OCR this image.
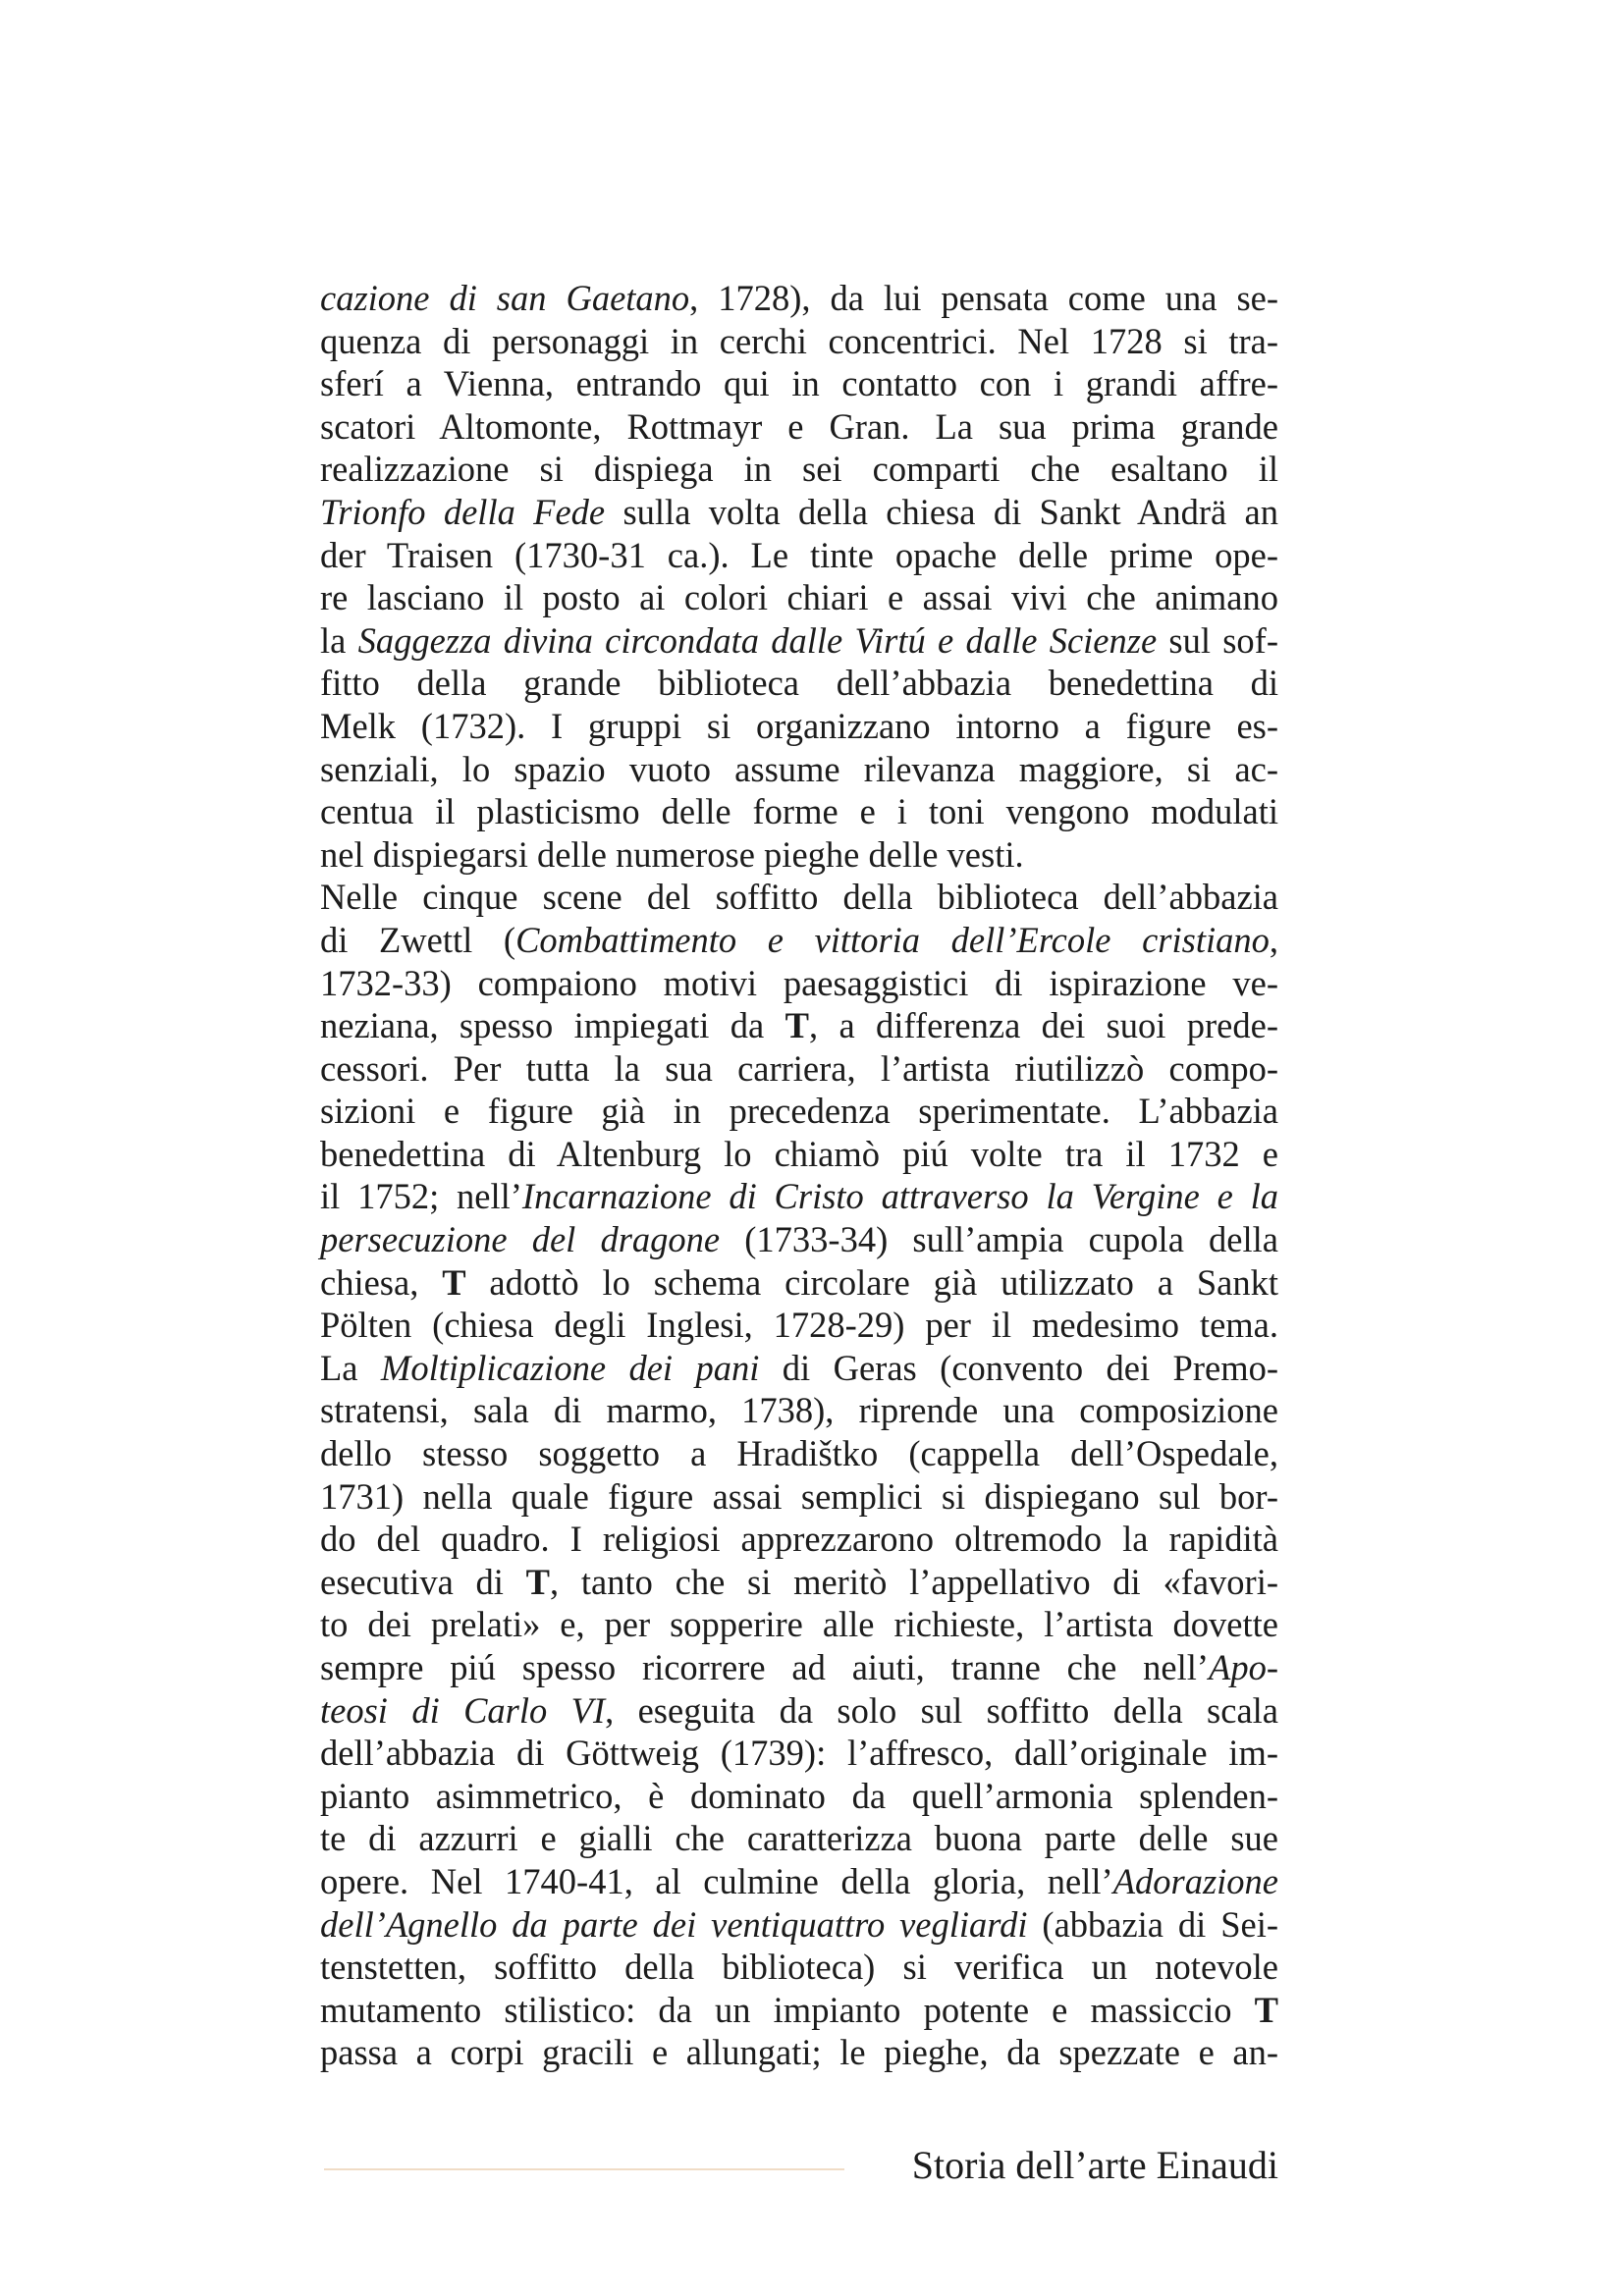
cazione di san Gaetano, 1728), da lui pensata come una se-
quenza di personaggi in cerchi concentrici. Nel 1728 si tra-
sferí a Vienna, entrando qui in contatto con i grandi affre-
scatori Altomonte, Rottmayr e Gran. La sua prima grande
realizzazione si dispiega in sei comparti che esaltano il
Trionfo della Fede sulla volta della chiesa di Sankt Andrä an
der Traisen (1730-31 ca.). Le tinte opache delle prime ope-
re lasciano il posto ai colori chiari e assai vivi che animano
la Saggezza divina circondata dalle Virtú e dalle Scienze sul sof-
fitto della grande biblioteca dell’abbazia benedettina di
Melk (1732). I gruppi si organizzano intorno a figure es-
senziali, lo spazio vuoto assume rilevanza maggiore, si ac-
centua il plasticismo delle forme e i toni vengono modulati
nel dispiegarsi delle numerose pieghe delle vesti.
Nelle cinque scene del soffitto della biblioteca dell’abbazia
di Zwettl (Combattimento e vittoria dell’Ercole cristiano,
1732-33) compaiono motivi paesaggistici di ispirazione ve-
neziana, spesso impiegati da T, a differenza dei suoi prede-
cessori. Per tutta la sua carriera, l’artista riutilizzò compo-
sizioni e figure già in precedenza sperimentate. L’abbazia
benedettina di Altenburg lo chiamò piú volte tra il 1732 e
il 1752; nell’Incarnazione di Cristo attraverso la Vergine e la
persecuzione del dragone (1733-34) sull’ampia cupola della
chiesa, T adottò lo schema circolare già utilizzato a Sankt
Pölten (chiesa degli Inglesi, 1728-29) per il medesimo tema.
La Moltiplicazione dei pani di Geras (convento dei Premo-
stratensi, sala di marmo, 1738), riprende una composizione
dello stesso soggetto a Hradištko (cappella dell’Ospedale,
1731) nella quale figure assai semplici si dispiegano sul bor-
do del quadro. I religiosi apprezzarono oltremodo la rapidità
esecutiva di T, tanto che si meritò l’appellativo di «favori-
to dei prelati» e, per sopperire alle richieste, l’artista dovette
sempre piú spesso ricorrere ad aiuti, tranne che nell’Apo-
teosi di Carlo VI, eseguita da solo sul soffitto della scala
dell’abbazia di Göttweig (1739): l’affresco, dall’originale im-
pianto asimmetrico, è dominato da quell’armonia splenden-
te di azzurri e gialli che caratterizza buona parte delle sue
opere. Nel 1740-41, al culmine della gloria, nell’Adorazione
dell’Agnello da parte dei ventiquattro vegliardi (abbazia di Sei-
tenstetten, soffitto della biblioteca) si verifica un notevole
mutamento stilistico: da un impianto potente e massiccio T
passa a corpi gracili e allungati; le pieghe, da spezzate e an-
Storia dell’arte Einaudi
